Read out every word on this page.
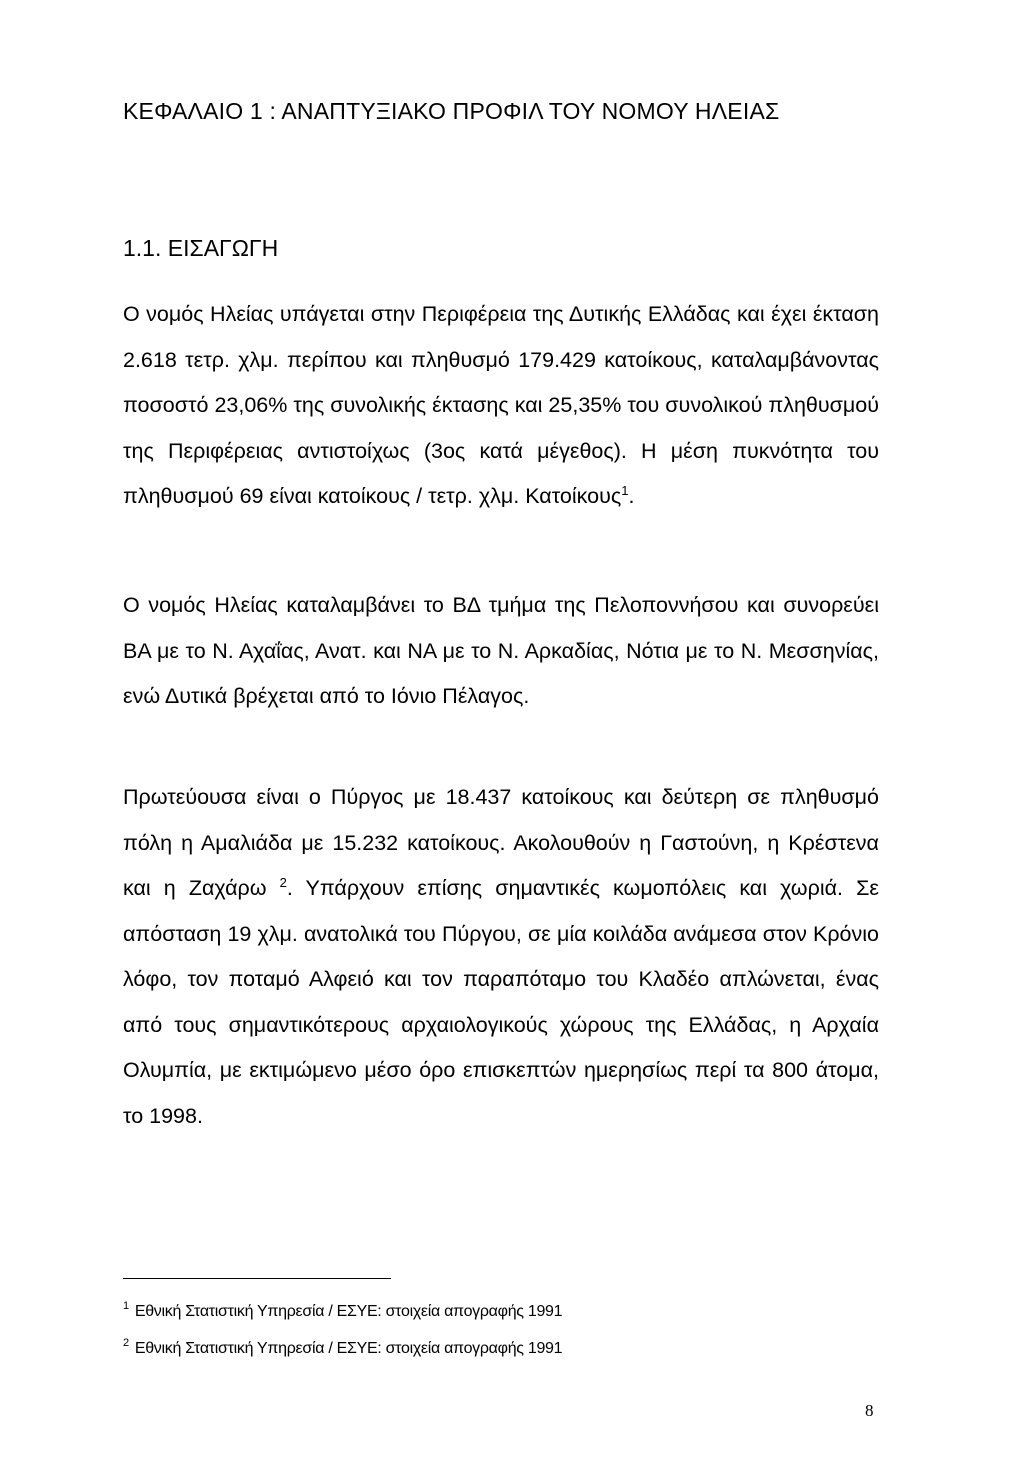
ΚΕΦΑΛΑΙΟ 1 : ΑΝΑΠΤΥΞΙΑΚΟ ΠΡΟΦΙΛ ΤΟΥ ΝΟΜΟΥ ΗΛΕΙΑΣ
1.1. ΕΙΣΑΓΩΓΗ

Ο νομός Ηλείας υπάγεται στην Περιφέρεια της Δυτικής Ελλάδας και έχει έκταση 2.618 τετρ. χλμ. περίπου και πληθυσμό 179.429 κατοίκους, καταλαμβάνοντας ποσοστό 23,06% της συνολικής έκτασης και 25,35% του συνολικού πληθυσμού της Περιφέρειας αντιστοίχως (3ος κατά μέγεθος). Η μέση πυκνότητα του πληθυσμού 69 είναι κατοίκους / τετρ. χλμ. Κατοίκους$^1$.

Ο νομός Ηλείας καταλαμβάνει το ΒΔ τμήμα της Πελοποννήσου και συνορεύει ΒΑ με το Ν. Αχαΐας, Ανατ. και ΝΑ με το Ν. Αρκαδίας, Νότια με το Ν. Μεσσηνίας, ενώ Δυτικά βρέχεται από το Ιόνιο Πέλαγος.

Πρωτεύουσα είναι ο Πύργος με 18.437 κατοίκους και δεύτερη σε πληθυσμό πόλη η Αμαλιάδα με 15.232 κατοίκους. Ακολουθούν η Γαστούνη, η Κρέστενα και η Ζαχάρω $^2$. Υπάρχουν επίσης σημαντικές κωμοπόλεις και χωριά. Σε απόσταση 19 χλμ. ανατολικά του Πύργου, σε μία κοιλάδα ανάμεσα στον Κρόνιο λόφο, τον ποταμό Αλφειό και τον παραπόταμο του Κλαδέο απλώνεται, ένας από τους σημαντικότερους αρχαιολογικούς χώρους της Ελλάδας, η Αρχαία Ολυμπία, με εκτιμώμενο μέσο όρο επισκεπτών ημερησίως περί τα 800 άτομα, το 1998.

$^1$ Εθνική Στατιστική Υπηρεσία / ΕΣΥΕ: στοιχεία απογραφής 1991
$^2$ Εθνική Στατιστική Υπηρεσία / ΕΣΥΕ: στοιχεία απογραφής 1991
8
